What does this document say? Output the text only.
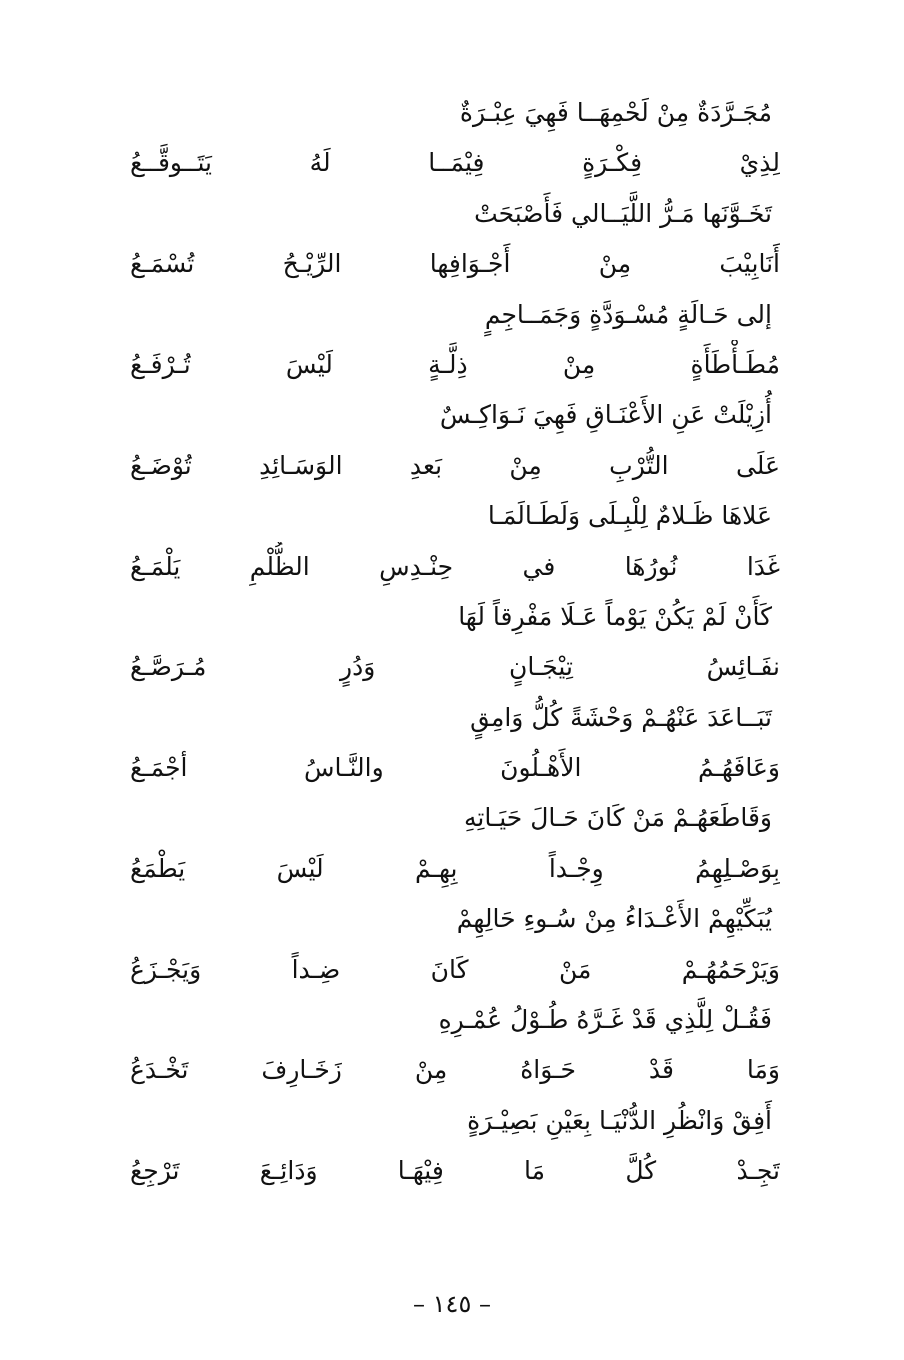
مُجَـرَّدَةٌ مِنْ لَحْمِهَــا فَهِيَ عِبْـرَةٌ
لِذِيْ فِكْـرَةٍ فِيْمَــا لَهُ يَتَــوقَّــعُ
تَخَـوَّنَها مَـرُّ اللَّيَــالي فَأَصْبَحَتْ
أَنَابِيْبَ مِنْ أَجْـوَافِها الرِّيْـحُ تُسْمَـعُ
إلى حَـالَةٍ مُسْـوَدَّةٍ وَجَمَــاجِمٍ
مُطَـأْطَأَةٍ مِنْ ذِلَّـةٍ لَيْسَ تُـرْفَـعُ
أُزِيْلَتْ عَنِ الأَعْنَـاقِ فَهِيَ نَـوَاكِـسٌ
عَلَى التُّرْبِ مِنْ بَعدِ الوَسَـائِدِ تُوْضَـعُ
عَلاهَا ظَـلامٌ لِلْبِـلَى وَلَطَـالَمَـا
غَدَا نُورُهَا في حِنْـدِسِ الظُّلْمِ يَلْمَـعُ
كَأَنْ لَمْ يَكُنْ يَوْماً عَـلَا مَفْرِقاً لَهَا
نفَـائِسُ تِيْجَـانٍ وَدُرٍ مُـرَصَّـعُ
تَبَــاعَدَ عَنْهُـمْ وَحْشَةً كُلُّ وَامِقٍ
وَعَافَهُـمُ الأَهْـلُونَ والنَّـاسُ أجْمَـعُ
وَقَاطَعَهُـمْ مَنْ كَانَ حَـالَ حَيَـاتِهِ
بِوَصْـلِهِمُ وِجْـداً بِهِـمْ لَيْسَ يَطْمَعُ
يُبَكِّيْهِمْ الأَعْـدَاءُ مِنْ سُـوءِ حَالِهِمْ
وَيَرْحَمُهُـمْ مَنْ كَانَ ضِـداً وَيَجْـزَعُ
فَقُـلْ لِلَّذِي قَدْ غَـرَّهُ طُـوْلُ عُمْـرِهِ
وَمَا قَدْ حَـوَاهُ مِنْ زَخَـارِفَ تَخْـدَعُ
أَفِقْ وَانْظُرِ الدُّنْيَـا بِعَيْنِ بَصِيْـرَةٍ
تَجِـدْ كُلَّ مَا فِيْهَـا وَدَائِـعَ تَرْجِعُ
– ١٤٥ –
